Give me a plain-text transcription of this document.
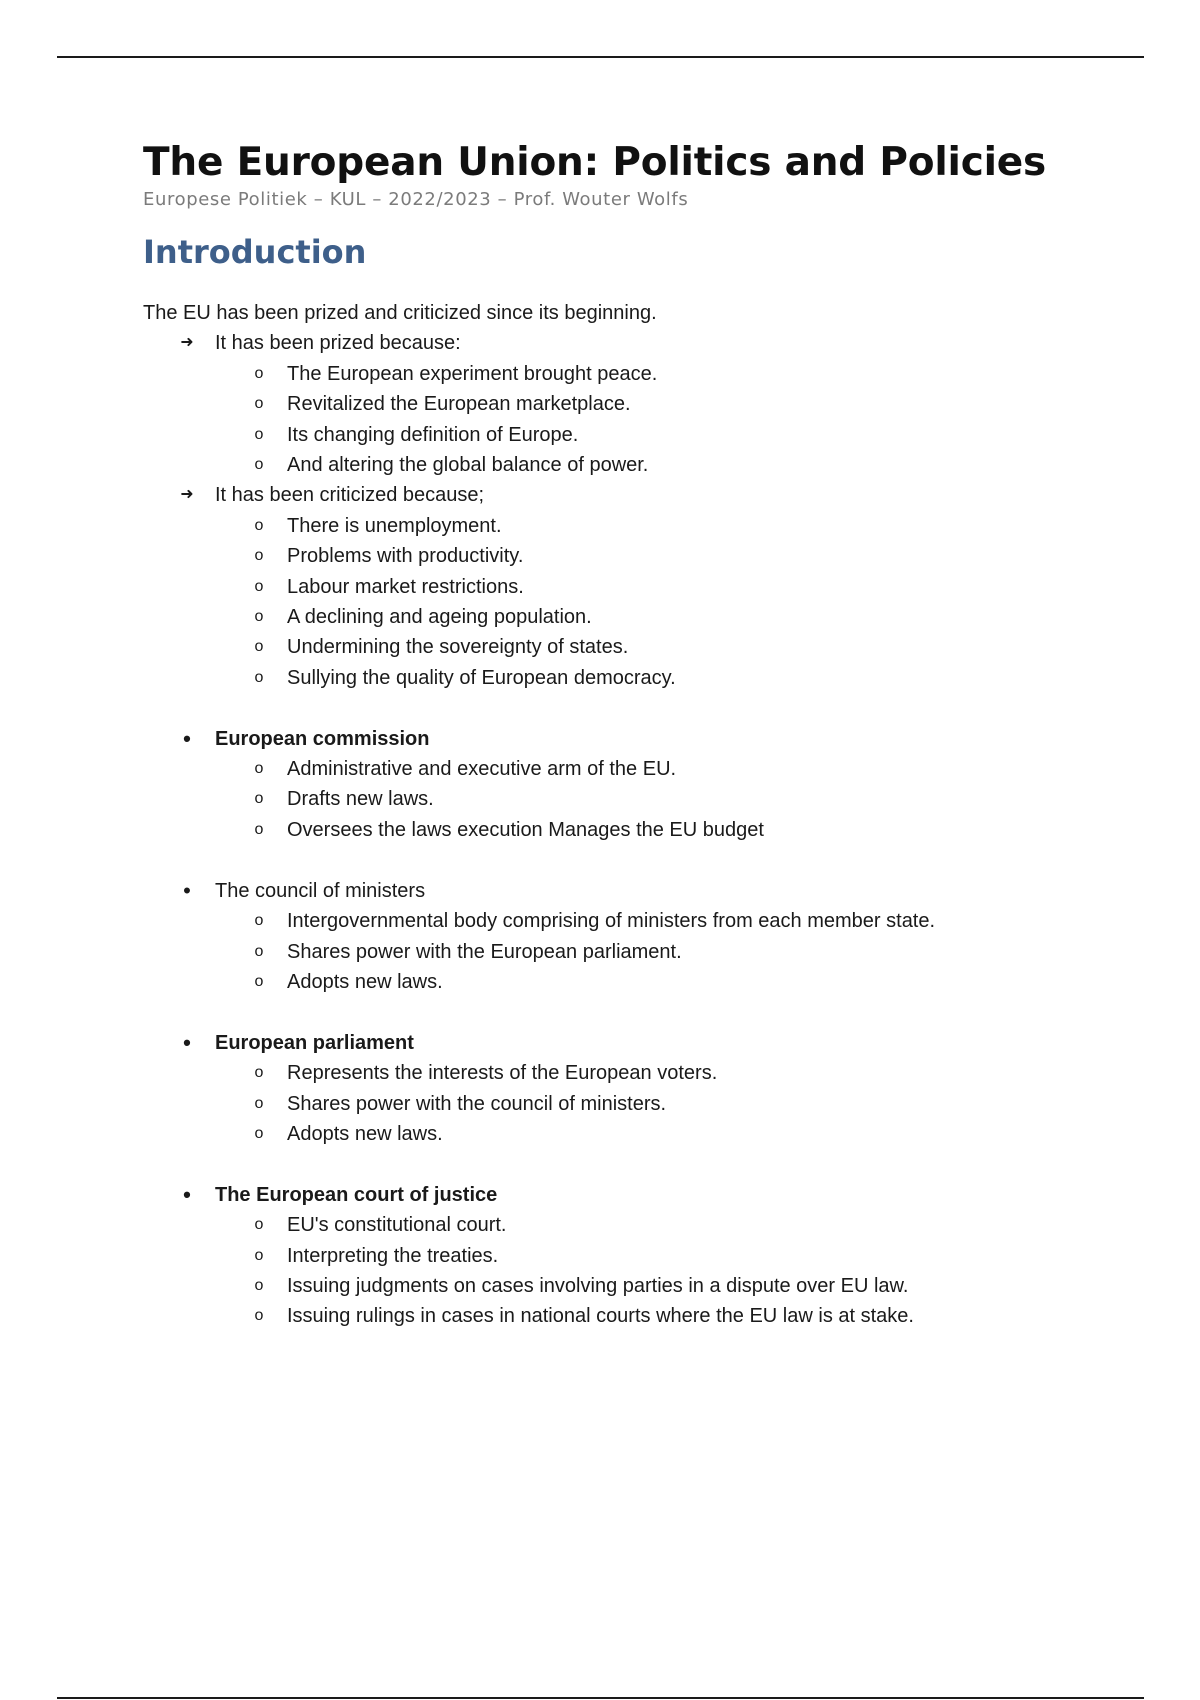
The European Union: Politics and Policies
Europese Politiek – KUL – 2022/2023 – Prof. Wouter Wolfs
Introduction
The EU has been prized and criticized since its beginning.
➜ It has been prized because:
o The European experiment brought peace.
o Revitalized the European marketplace.
o Its changing definition of Europe.
o And altering the global balance of power.
➜ It has been criticized because;
o There is unemployment.
o Problems with productivity.
o Labour market restrictions.
o A declining and ageing population.
o Undermining the sovereignty of states.
o Sullying the quality of European democracy.
•	European commission
o Administrative and executive arm of the EU.
o Drafts new laws.
o Oversees the laws execution Manages the EU budget
•	The council of ministers
o Intergovernmental body comprising of ministers from each member state.
o Shares power with the European parliament.
o Adopts new laws.
•	European parliament
o Represents the interests of the European voters.
o Shares power with the council of ministers.
o Adopts new laws.
•	The European court of justice
o EU's constitutional court.
o Interpreting the treaties.
o Issuing judgments on cases involving parties in a dispute over EU law.
o Issuing rulings in cases in national courts where the EU law is at stake.
